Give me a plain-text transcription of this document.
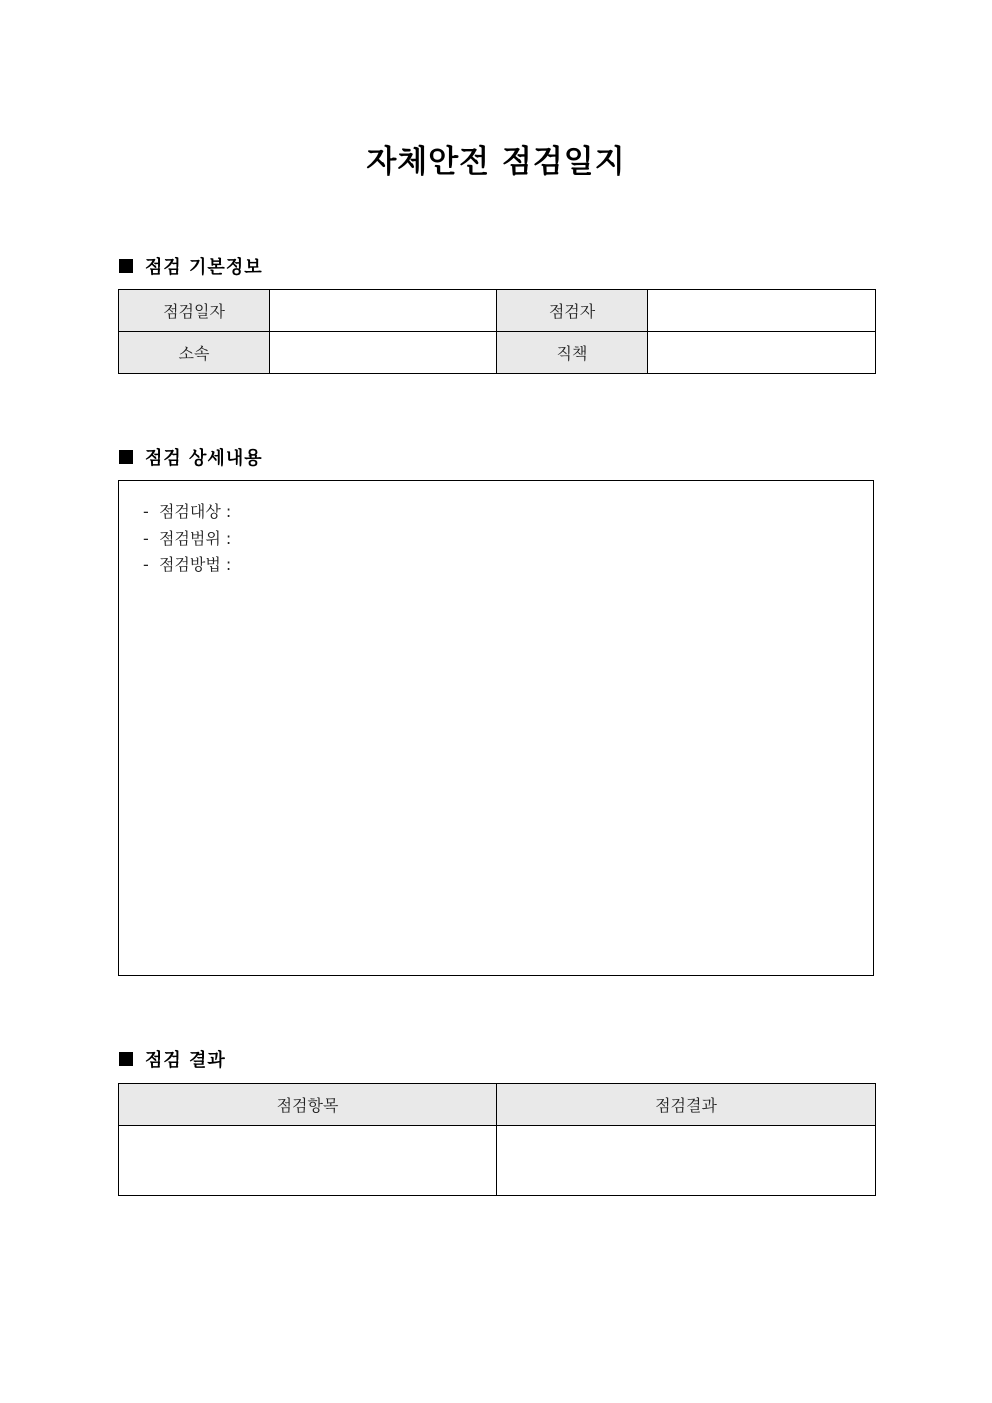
자체안전 점검일지
점검 기본정보
점검일자		점검자	
소속		직책	
점검 상세내용
-  점검대상 :
-  점검범위 :
-  점검방법 :
점검 결과
점검항목	점검결과
